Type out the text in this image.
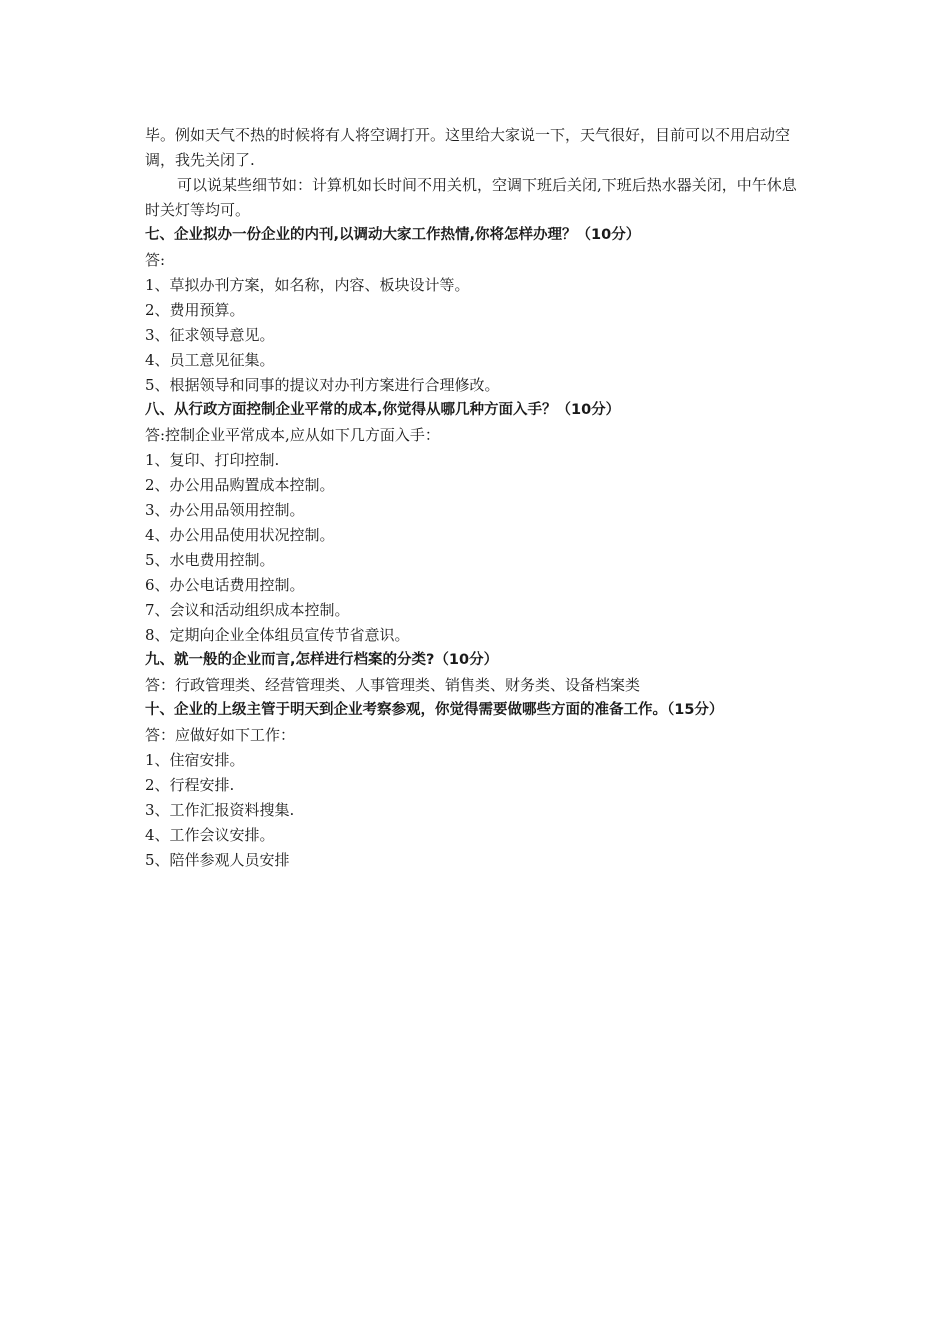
毕。例如天气不热的时候将有人将空调打开。这里给大家说一下，天气很好，目前可以不用启动空调，我先关闭了.
可以说某些细节如：计算机如长时间不用关机，空调下班后关闭,下班后热水器关闭，中午休息时关灯等均可。
七、企业拟办一份企业的内刊,以调动大家工作热情,你将怎样办理？（10分）
答:
1、草拟办刊方案，如名称，内容、板块设计等。
2、费用预算。
3、征求领导意见。
4、员工意见征集。
5、根据领导和同事的提议对办刊方案进行合理修改。
八、从行政方面控制企业平常的成本,你觉得从哪几种方面入手？（10分）
答:控制企业平常成本,应从如下几方面入手：
1、复印、打印控制.
2、办公用品购置成本控制。
3、办公用品领用控制。
4、办公用品使用状况控制。
5、水电费用控制。
6、办公电话费用控制。
7、会议和活动组织成本控制。
8、定期向企业全体组员宣传节省意识。
九、就一般的企业而言,怎样进行档案的分类?（10分）
答：行政管理类、经营管理类、人事管理类、销售类、财务类、设备档案类
十、企业的上级主管于明天到企业考察参观，你觉得需要做哪些方面的准备工作。（15分）
答：应做好如下工作：
1、住宿安排。
2、行程安排.
3、工作汇报资料搜集.
4、工作会议安排。
5、陪伴参观人员安排
